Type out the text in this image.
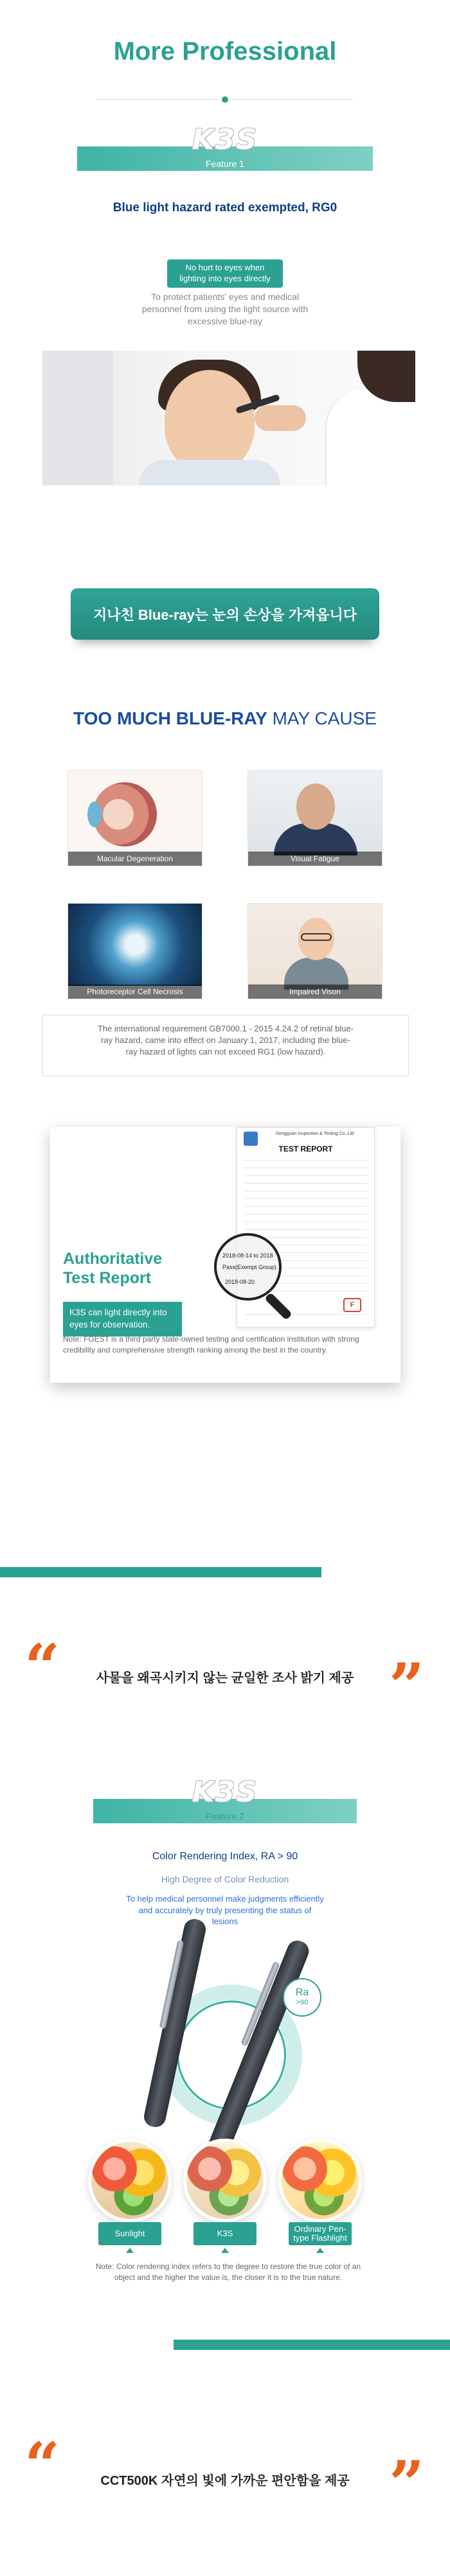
More Professional
K3S
Feature 1
Blue light hazard rated exempted, RG0
No hurt to eyes when lighting into eyes directly
To protect patients' eyes and medical personnel from using the light source with excessive blue-ray
지나친 Blue-ray는 눈의 손상을 가져옵니다
TOO MUCH BLUE-RAY MAY CAUSE
Macular Degeneration	Visual Fatigue
Photoreceptor Cell Necrosis	Impaired Vison
The international requirement GB7000.1 - 2015 4.24.2 of retinal blue-ray hazard, came into effect on January 1, 2017, including the blue-ray hazard of lights can not exceed RG1 (low hazard).
Authoritative Test Report
K3S can light directly into eyes for observation.
Dongguan Inspection & Testing Co.,Ltd
TEST REPORT
F
2018-08-14 to 2018
Pass(Exempt Group)
2018-08-20
Note: FGEST is a third party state-owned testing and certification institution with strong credibility and comprehensive strength ranking among the best in the country.
“	사물을 왜곡시키지 않는 균일한 조사 밝기 제공 ”
K3S
Feature 2
Color Rendering Index, RA > 90
High Degree of Color Reduction
To help medical personnel make judgments efficiently and accurately by truly presenting the status of lesions
Ra
>90
Sunlight	K3S	Ordinary Pen-type Flashlight
Note: Color rendering index refers to the degree to restore the true color of an object and the higher the value is, the closer it is to the true nature.
“	CCT500K 자연의 빛에 가까운 편안함을 제공 ”
